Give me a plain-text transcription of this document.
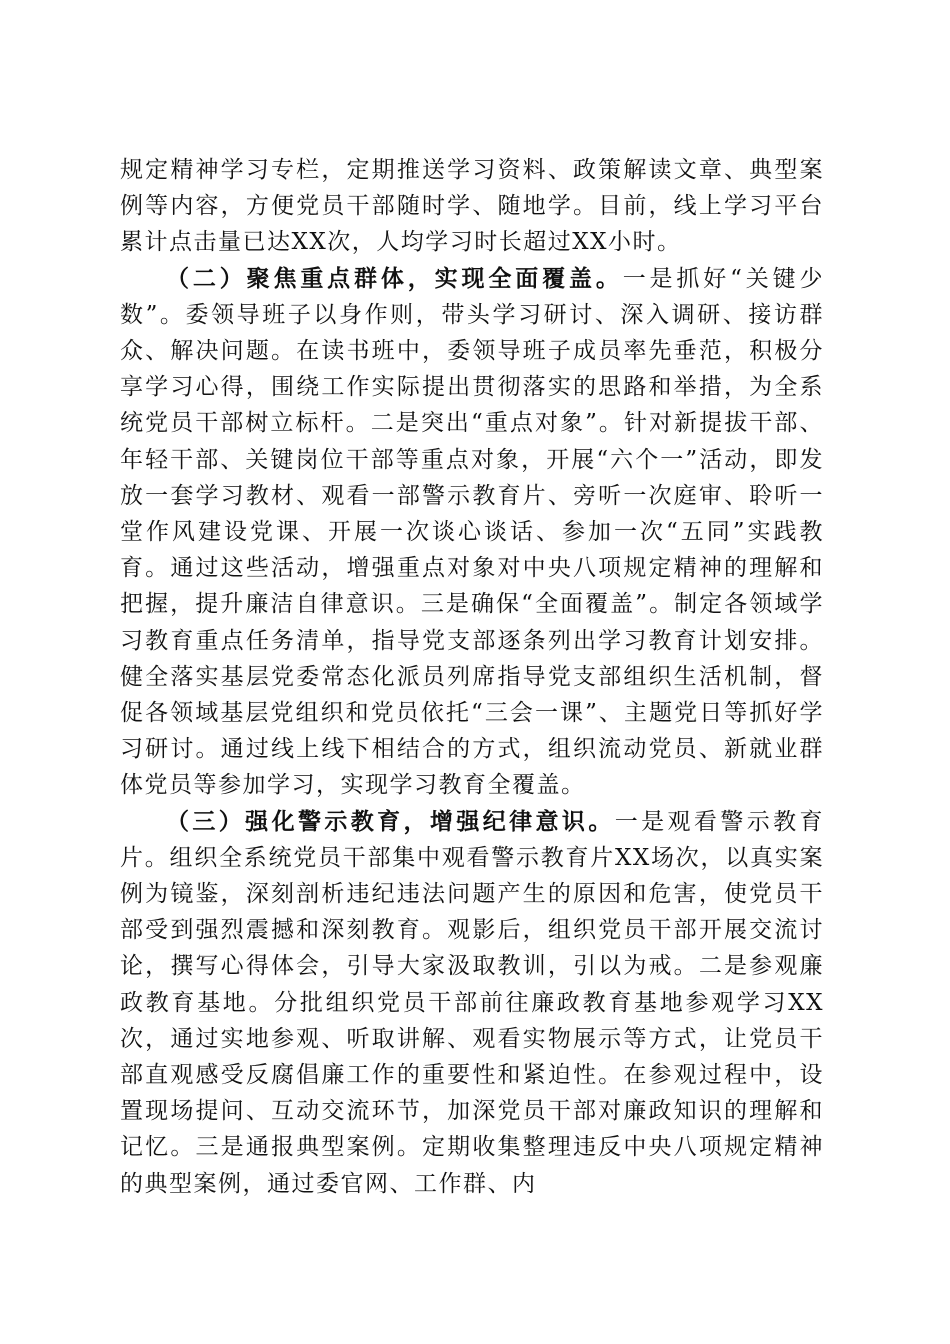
规定精神学习专栏，定期推送学习资料、政策解读文章、典型案例等内容，方便党员干部随时学、随地学。目前，线上学习平台累计点击量已达XX次，人均学习时长超过XX小时。

（二）聚焦重点群体，实现全面覆盖。一是抓好“关键少数”。委领导班子以身作则，带头学习研讨、深入调研、接访群众、解决问题。在读书班中，委领导班子成员率先垂范，积极分享学习心得，围绕工作实际提出贯彻落实的思路和举措，为全系统党员干部树立标杆。二是突出“重点对象”。针对新提拔干部、年轻干部、关键岗位干部等重点对象，开展“六个一”活动，即发放一套学习教材、观看一部警示教育片、旁听一次庭审、聆听一堂作风建设党课、开展一次谈心谈话、参加一次“五同”实践教育。通过这些活动，增强重点对象对中央八项规定精神的理解和把握，提升廉洁自律意识。三是确保“全面覆盖”。制定各领域学习教育重点任务清单，指导党支部逐条列出学习教育计划安排。健全落实基层党委常态化派员列席指导党支部组织生活机制，督促各领域基层党组织和党员依托“三会一课”、主题党日等抓好学习研讨。通过线上线下相结合的方式，组织流动党员、新就业群体党员等参加学习，实现学习教育全覆盖。

（三）强化警示教育，增强纪律意识。一是观看警示教育片。组织全系统党员干部集中观看警示教育片XX场次，以真实案例为镜鉴，深刻剖析违纪违法问题产生的原因和危害，使党员干部受到强烈震撼和深刻教育。观影后，组织党员干部开展交流讨论，撰写心得体会，引导大家汲取教训，引以为戒。二是参观廉政教育基地。分批组织党员干部前往廉政教育基地参观学习XX次，通过实地参观、听取讲解、观看实物展示等方式，让党员干部直观感受反腐倡廉工作的重要性和紧迫性。在参观过程中，设置现场提问、互动交流环节，加深党员干部对廉政知识的理解和记忆。三是通报典型案例。定期收集整理违反中央八项规定精神的典型案例，通过委官网、工作群、内
